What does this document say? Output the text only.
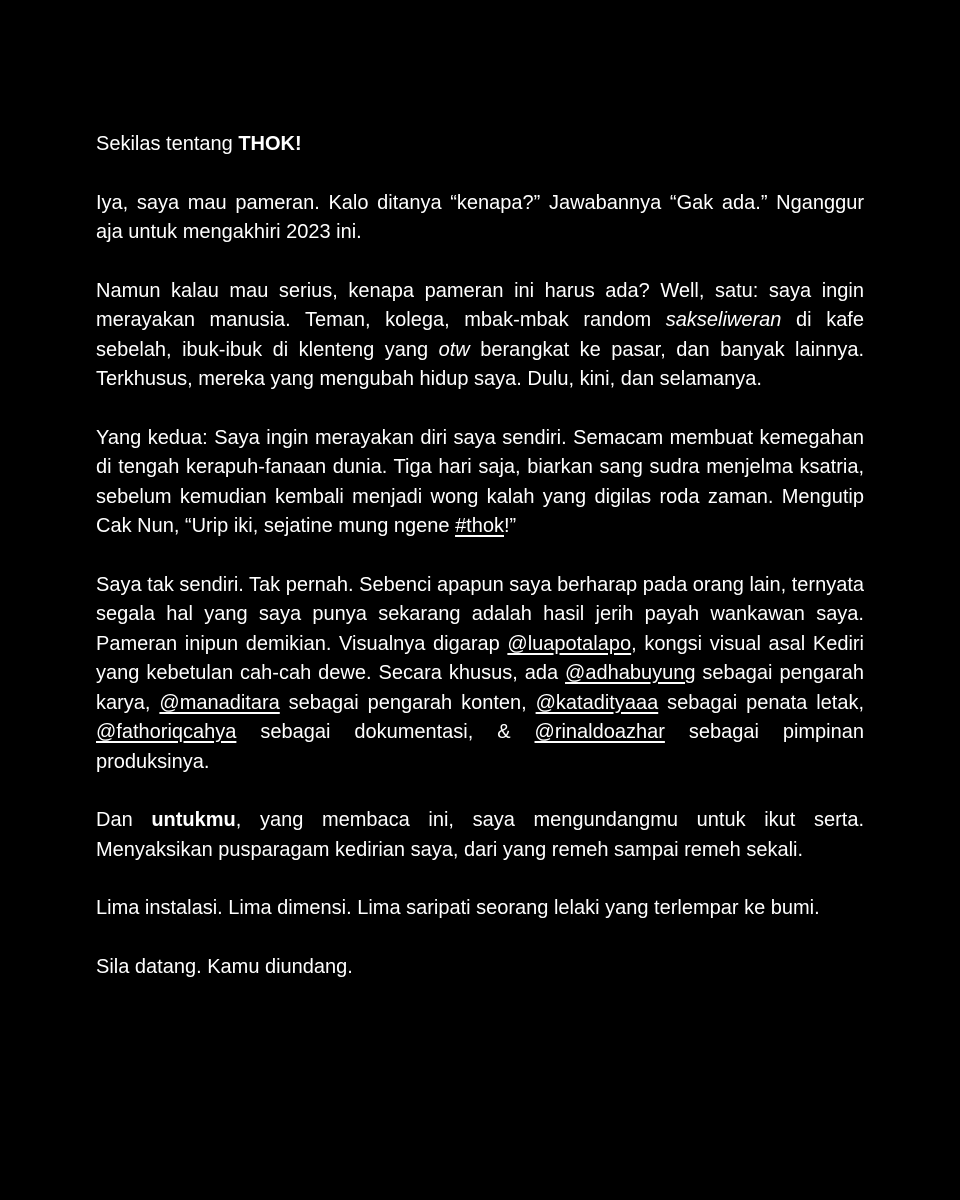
Sekilas tentang THOK!

Iya, saya mau pameran. Kalo ditanya “kenapa?” Jawabannya “Gak ada.” Nganggur aja untuk mengakhiri 2023 ini.

Namun kalau mau serius, kenapa pameran ini harus ada? Well, satu: saya ingin merayakan manusia. Teman, kolega, mbak-mbak random sakseliweran di kafe sebelah, ibuk-ibuk di klenteng yang otw berangkat ke pasar, dan banyak lainnya. Terkhusus, mereka yang mengubah hidup saya. Dulu, kini, dan selamanya.

Yang kedua: Saya ingin merayakan diri saya sendiri. Semacam membuat kemegahan di tengah kerapuh-fanaan dunia. Tiga hari saja, biarkan sang sudra menjelma ksatria, sebelum kemudian kembali menjadi wong kalah yang digilas roda zaman. Mengutip Cak Nun, “Urip iki, sejatine mung ngene #thok!”

Saya tak sendiri. Tak pernah. Sebenci apapun saya berharap pada orang lain, ternyata segala hal yang saya punya sekarang adalah hasil jerih payah wankawan saya. Pameran inipun demikian. Visualnya digarap @luapotalapo, kongsi visual asal Kediri yang kebetulan cah-cah dewe. Secara khusus, ada @adhabuyung sebagai pengarah karya, @manaditara sebagai pengarah konten, @katadityaaa sebagai penata letak, @fathoriqcahya sebagai dokumentasi, & @rinaldoazhar sebagai pimpinan produksinya.

Dan untukmu, yang membaca ini, saya mengundangmu untuk ikut serta. Menyaksikan pusparagam kedirian saya, dari yang remeh sampai remeh sekali.

Lima instalasi. Lima dimensi. Lima saripati seorang lelaki yang terlempar ke bumi.

Sila datang. Kamu diundang.
